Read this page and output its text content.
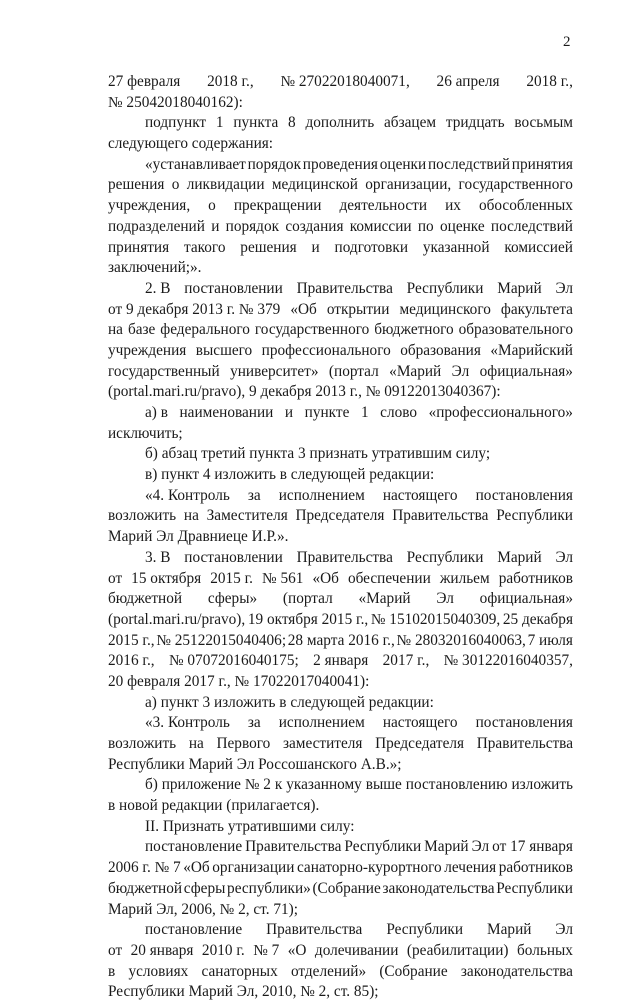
2
27 февраля 2018 г., № 27022018040071, 26 апреля 2018 г.,
№ 25042018040162):
подпункт 1 пункта 8 дополнить абзацем тридцать восьмым
следующего содержания:
«устанавливает порядок проведения оценки последствий принятия
решения о ликвидации медицинской организации, государственного
учреждения, о прекращении деятельности их обособленных
подразделений и порядок создания комиссии по оценке последствий
принятия такого решения и подготовки указанной комиссией
заключений;».
2. В постановлении Правительства Республики Марий Эл
от 9 декабря 2013 г. № 379 «Об открытии медицинского факультета
на базе федерального государственного бюджетного образовательного
учреждения высшего профессионального образования «Марийский
государственный университет» (портал «Марий Эл официальная»
(portal.mari.ru/pravo), 9 декабря 2013 г., № 09122013040367):
а) в наименовании и пункте 1 слово «профессионального»
исключить;
б) абзац третий пункта 3 признать утратившим силу;
в) пункт 4 изложить в следующей редакции:
«4. Контроль за исполнением настоящего постановления
возложить на Заместителя Председателя Правительства Республики
Марий Эл Дравниеце И.Р.».
3. В постановлении Правительства Республики Марий Эл
от 15 октября 2015 г. № 561 «Об обеспечении жильем работников
бюджетной сферы» (портал «Марий Эл официальная»
(portal.mari.ru/pravo), 19 октября 2015 г., № 15102015040309, 25 декабря
2015 г., № 25122015040406; 28 марта 2016 г., № 28032016040063, 7 июля
2016 г., № 07072016040175; 2 января 2017 г., № 30122016040357,
20 февраля 2017 г., № 17022017040041):
а) пункт 3 изложить в следующей редакции:
«3. Контроль за исполнением настоящего постановления
возложить на Первого заместителя Председателя Правительства
Республики Марий Эл Россошанского А.В.»;
б) приложение № 2 к указанному выше постановлению изложить
в новой редакции (прилагается).
II. Признать утратившими силу:
постановление Правительства Республики Марий Эл от 17 января
2006 г. № 7 «Об организации санаторно-курортного лечения работников
бюджетной сферы республики» (Собрание законодательства Республики
Марий Эл, 2006, № 2, ст. 71);
постановление Правительства Республики Марий Эл
от 20 января 2010 г. № 7 «О долечивании (реабилитации) больных
в условиях санаторных отделений» (Собрание законодательства
Республики Марий Эл, 2010, № 2, ст. 85);
